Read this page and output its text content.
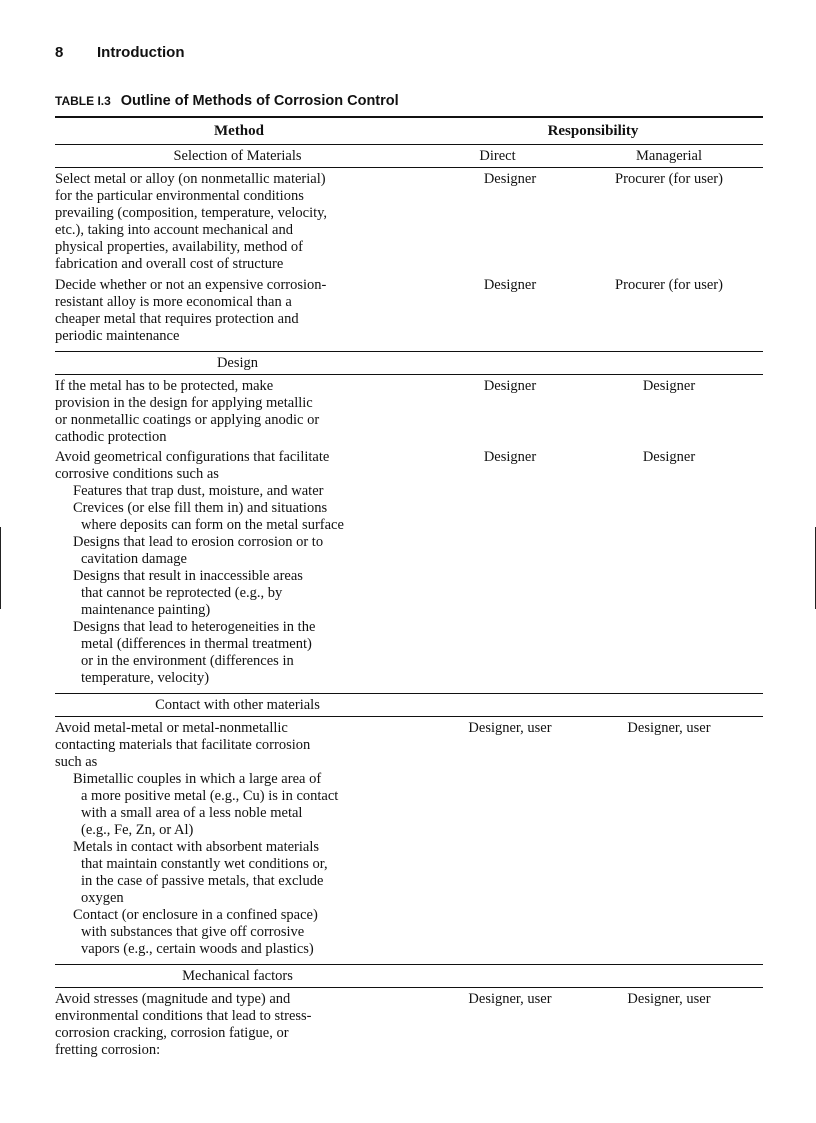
8 Introduction
TABLE I.3 Outline of Methods of Corrosion Control
Method	Responsibility
Selection of Materials	Direct	Managerial
Select metal or alloy (on nonmetallic material)
for the particular environmental conditions
prevailing (composition, temperature, velocity,
etc.), taking into account mechanical and
physical properties, availability, method of
fabrication and overall cost of structure
Designer	Procurer (for user)
Decide whether or not an expensive corrosion-
resistant alloy is more economical than a
cheaper metal that requires protection and
periodic maintenance
Designer	Procurer (for user)
Design
If the metal has to be protected, make
provision in the design for applying metallic
or nonmetallic coatings or applying anodic or
cathodic protection
Designer	Designer
Avoid geometrical configurations that facilitate
corrosive conditions such as
Features that trap dust, moisture, and water
Crevices (or else fill them in) and situations
where deposits can form on the metal surface
Designs that lead to erosion corrosion or to
cavitation damage
Designs that result in inaccessible areas
that cannot be reprotected (e.g., by
maintenance painting)
Designs that lead to heterogeneities in the
metal (differences in thermal treatment)
or in the environment (differences in
temperature, velocity)
Designer	Designer
Contact with other materials
Avoid metal-metal or metal-nonmetallic
contacting materials that facilitate corrosion
such as
Bimetallic couples in which a large area of
a more positive metal (e.g., Cu) is in contact
with a small area of a less noble metal
(e.g., Fe, Zn, or Al)
Metals in contact with absorbent materials
that maintain constantly wet conditions or,
in the case of passive metals, that exclude
oxygen
Contact (or enclosure in a confined space)
with substances that give off corrosive
vapors (e.g., certain woods and plastics)
Designer, user	Designer, user
Mechanical factors
Avoid stresses (magnitude and type) and
environmental conditions that lead to stress-
corrosion cracking, corrosion fatigue, or
fretting corrosion:
Designer, user	Designer, user
